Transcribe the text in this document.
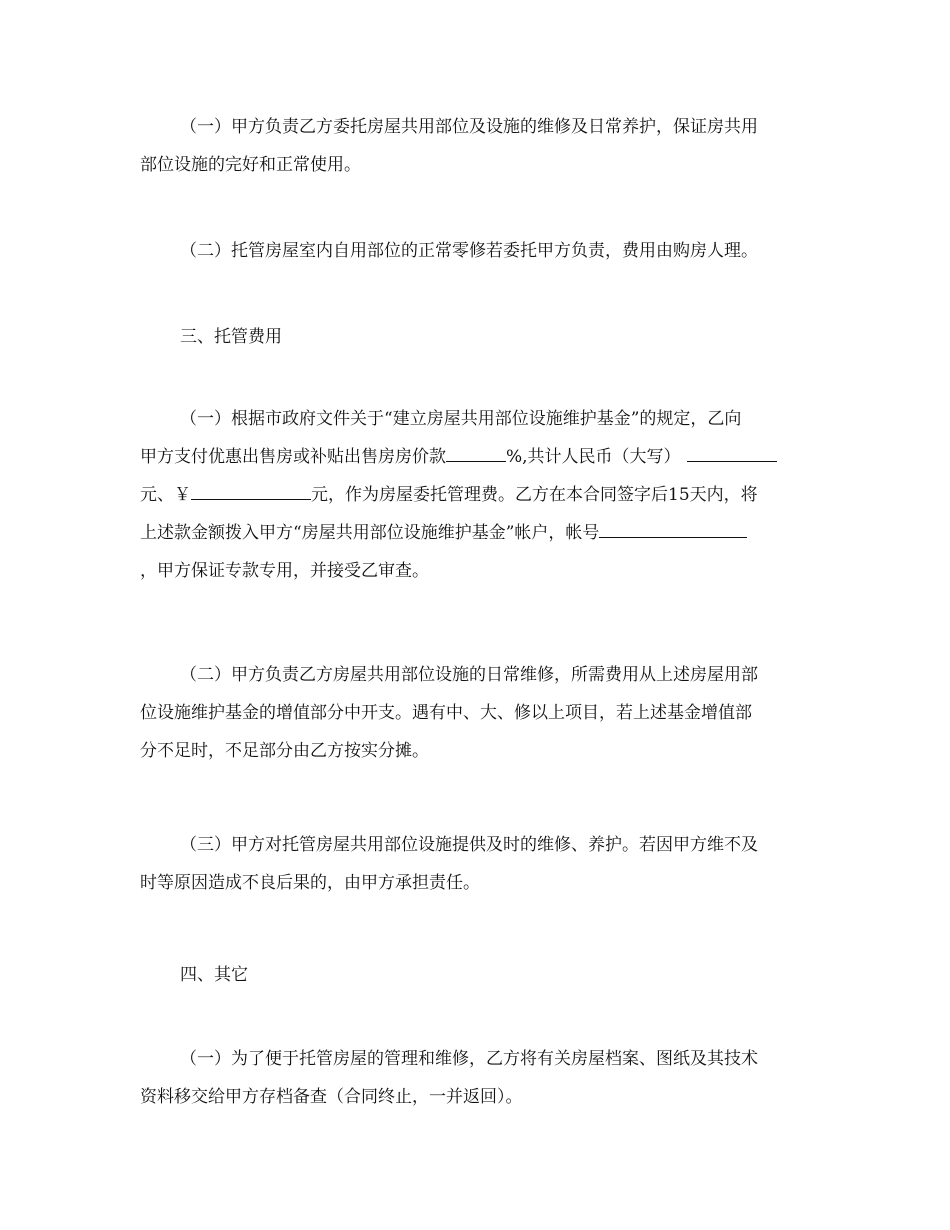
（一）甲方负责乙方委托房屋共用部位及设施的维修及日常养护，保证房共用
部位设施的完好和正常使用。
（二）托管房屋室内自用部位的正常零修若委托甲方负责，费用由购房人理。
三、托管费用
（一）根据市政府文件关于“建立房屋共用部位设施维护基金”的规定，乙向
甲方支付优惠出售房或补贴出售房房价款	%,共计人民币（大写）
元、￥	元，作为房屋委托管理费。乙方在本合同签字后15天内，将
上述款金额拨入甲方“房屋共用部位设施维护基金”帐户，帐号
，甲方保证专款专用，并接受乙审查。
（二）甲方负责乙方房屋共用部位设施的日常维修，所需费用从上述房屋用部
位设施维护基金的增值部分中开支。遇有中、大、修以上项目，若上述基金增值部
分不足时，不足部分由乙方按实分摊。
（三）甲方对托管房屋共用部位设施提供及时的维修、养护。若因甲方维不及
时等原因造成不良后果的，由甲方承担责任。
四、其它
（一）为了便于托管房屋的管理和维修，乙方将有关房屋档案、图纸及其技术
资料移交给甲方存档备查（合同终止，一并返回）。
